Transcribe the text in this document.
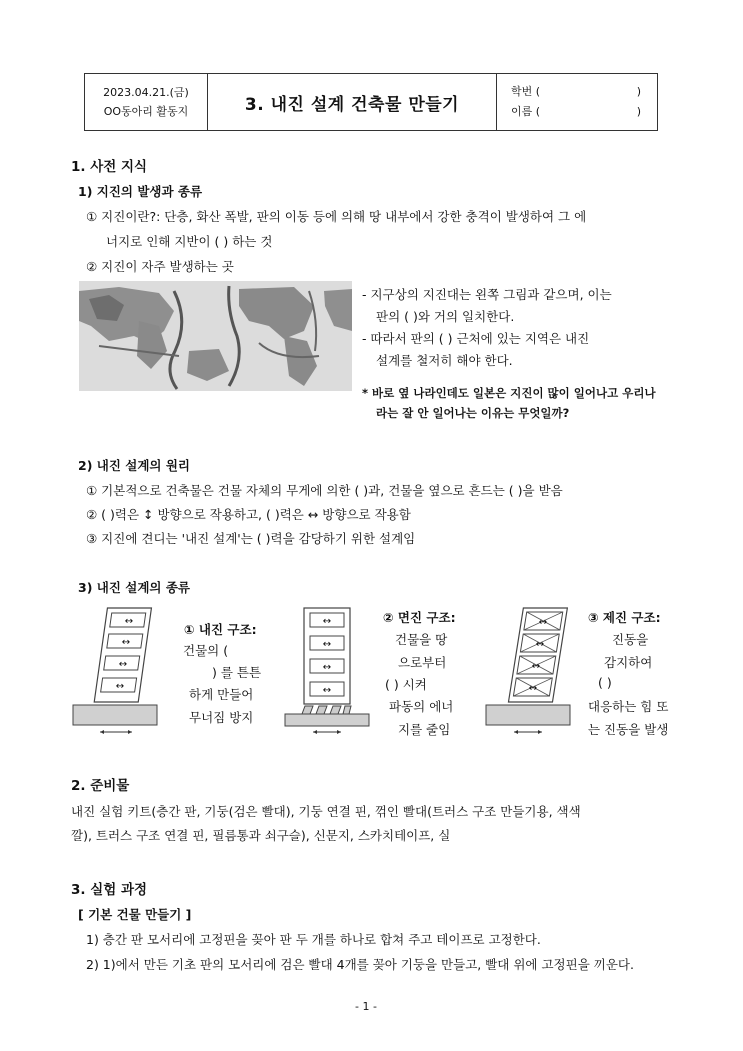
2023.04.21.(금)
OO동아리 활동지	3. 내진 설계 건축물 만들기	
학번 (	)
이름 (	)
1. 사전 지식
1) 지진의 발생과 종류
① 지진이란?: 단층, 화산 폭발, 판의 이동 등에 의해 땅 내부에서 강한 충격이 발생하여 그 에
너지로 인해 지반이 ( ) 하는 것
② 지진이 자주 발생하는 곳
- 지구상의 지진대는 왼쪽 그림과 같으며, 이는
판의 ( )와 거의 일치한다.
- 따라서 판의 ( ) 근처에 있는 지역은 내진
설계를 철저히 해야 한다.
* 바로 옆 나라인데도 일본은 지진이 많이 일어나고 우리나
라는 잘 안 일어나는 이유는 무엇일까?
2) 내진 설계의 원리
① 기본적으로 건축물은 건물 자체의 무게에 의한 ( )과, 건물을 옆으로 흔드는 ( )을 받음
② ( )력은 ↕ 방향으로 작용하고, ( )력은 ↔ 방향으로 작용함
③ 지진에 견디는 '내진 설계'는 ( )력을 감당하기 위한 설계임
3) 내진 설계의 종류
↔
↔
↔
↔
① 내진 구조:
건물의 (
) 를 튼튼
하게 만들어
무너짐 방지
↔
↔
↔
↔
② 면진 구조:
건물을 땅
으로부터
( ) 시켜
파동의 에너
지를 줄임
↔
↔
↔
↔
③ 제진 구조:
진동을
감지하여
( )
대응하는 힘 또
는 진동을 발생
2. 준비물
내진 실험 키트(층간 판, 기둥(검은 빨대), 기둥 연결 핀, 꺾인 빨대(트러스 구조 만들기용, 색색
깔), 트러스 구조 연결 핀, 필름통과 쇠구슬), 신문지, 스카치테이프, 실
3. 실험 과정
[ 기본 건물 만들기 ]
1) 층간 판 모서리에 고정핀을 꽂아 판 두 개를 하나로 합쳐 주고 테이프로 고정한다.
2) 1)에서 만든 기초 판의 모서리에 검은 빨대 4개를 꽂아 기둥을 만들고, 빨대 위에 고정핀을 끼운다.
- 1 -
